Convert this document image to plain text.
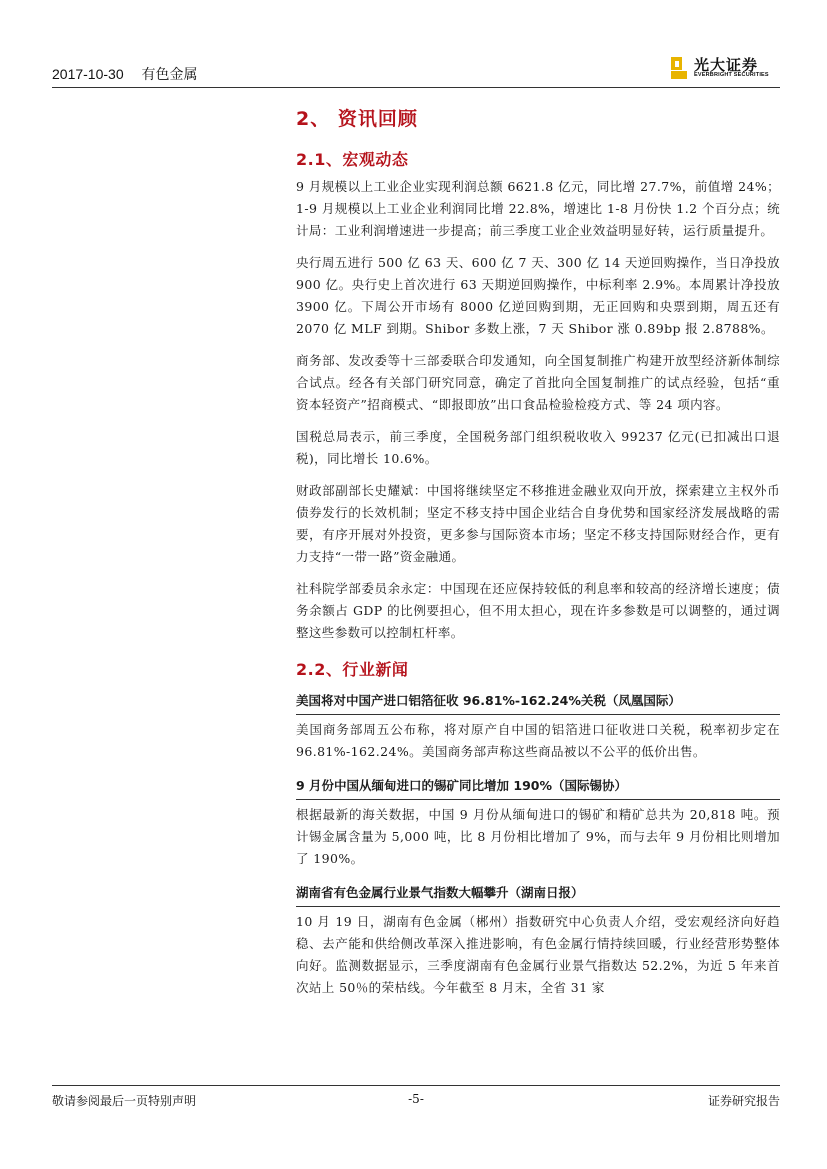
2017-10-30 有色金属	光大证券
EVERBRIGHT SECURITIES
2、 资讯回顾
2.1、宏观动态

9 月规模以上工业企业实现利润总额 6621.8 亿元，同比增 27.7%，前值增 24%；1-9 月规模以上工业企业利润同比增 22.8%，增速比 1-8 月份快 1.2 个百分点；统计局：工业利润增速进一步提高；前三季度工业企业效益明显好转，运行质量提升。

央行周五进行 500 亿 63 天、600 亿 7 天、300 亿 14 天逆回购操作，当日净投放 900 亿。央行史上首次进行 63 天期逆回购操作，中标利率 2.9%。本周累计净投放 3900 亿。下周公开市场有 8000 亿逆回购到期，无正回购和央票到期，周五还有 2070 亿 MLF 到期。Shibor 多数上涨，7 天 Shibor 涨 0.89bp 报 2.8788%。

商务部、发改委等十三部委联合印发通知，向全国复制推广构建开放型经济新体制综合试点。经各有关部门研究同意，确定了首批向全国复制推广的试点经验，包括“重资本轻资产”招商模式、“即报即放”出口食品检验检疫方式、等 24 项内容。

国税总局表示，前三季度，全国税务部门组织税收收入 99237 亿元(已扣减出口退税)，同比增长 10.6%。

财政部副部长史耀斌：中国将继续坚定不移推进金融业双向开放，探索建立主权外币债券发行的长效机制；坚定不移支持中国企业结合自身优势和国家经济发展战略的需要，有序开展对外投资，更多参与国际资本市场；坚定不移支持国际财经合作，更有力支持“一带一路”资金融通。

社科院学部委员余永定：中国现在还应保持较低的利息率和较高的经济增长速度；债务余额占 GDP 的比例要担心，但不用太担心，现在许多参数是可以调整的，通过调整这些参数可以控制杠杆率。

2.2、行业新闻
美国将对中国产进口铝箔征收 96.81%-162.24%关税（凤凰国际）

美国商务部周五公布称，将对原产自中国的铝箔进口征收进口关税，税率初步定在 96.81%-162.24%。美国商务部声称这些商品被以不公平的低价出售。

9 月份中国从缅甸进口的锡矿同比增加 190%（国际锡协）

根据最新的海关数据，中国 9 月份从缅甸进口的锡矿和精矿总共为 20,818 吨。预计锡金属含量为 5,000 吨，比 8 月份相比增加了 9%，而与去年 9 月份相比则增加了 190%。

湖南省有色金属行业景气指数大幅攀升（湖南日报）

10 月 19 日，湖南有色金属（郴州）指数研究中心负责人介绍，受宏观经济向好趋稳、去产能和供给侧改革深入推进影响，有色金属行情持续回暖，行业经营形势整体向好。监测数据显示，三季度湖南有色金属行业景气指数达 52.2%，为近 5 年来首次站上 50％的荣枯线。今年截至 8 月末，全省 31 家

敬请参阅最后一页特别声明	-5-	证券研究报告
